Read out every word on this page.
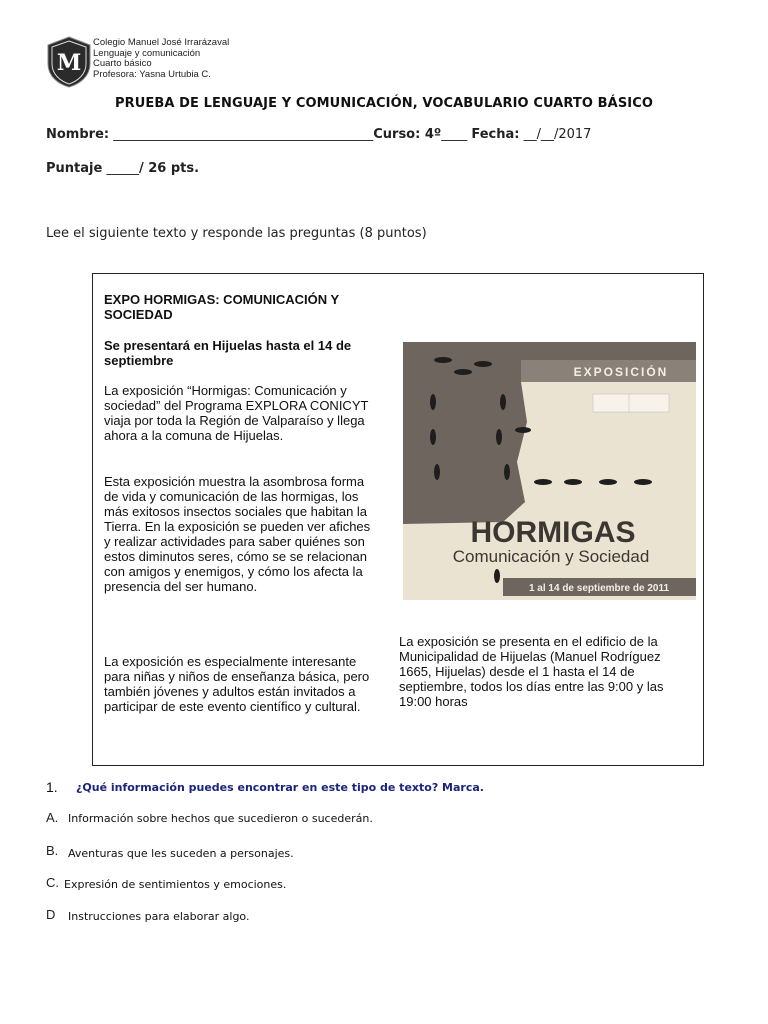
M
Colegio Manuel José Irrarázaval
Lenguaje y comunicación
Cuarto básico
Profesora: Yasna Urtubia C.
PRUEBA DE LENGUAJE Y COMUNICACIÓN, VOCABULARIO CUARTO BÁSICO
Nombre: ________________________________________Curso: 4º____ Fecha: __/__/2017
Puntaje _____/ 26 pts.
Lee el siguiente texto y responde las preguntas (8 puntos)
EXPO HORMIGAS: COMUNICACIÓN Y SOCIEDAD
Se presentará en Hijuelas hasta el 14 de septiembre
La exposición “Hormigas: Comunicación y sociedad” del Programa EXPLORA CONICYT viaja por toda la Región de Valparaíso y llega ahora a la comuna de Hijuelas.
Esta exposición muestra la asombrosa forma de vida y comunicación de las hormigas, los más exitosos insectos sociales que habitan la Tierra. En la exposición se pueden ver afiches y realizar actividades para saber quiénes son estos diminutos seres, cómo se se relacionan con amigos y enemigos, y cómo los afecta la presencia del ser humano.
La exposición es especialmente interesante para niñas y niños de enseñanza básica, pero también jóvenes y adultos están invitados a participar de este evento científico y cultural.
La exposición se presenta en el edificio de la Municipalidad de Hijuelas (Manuel Rodríguez 1665, Hijuelas) desde el 1 hasta el 14 de septiembre, todos los días entre las 9:00 y las 19:00 horas
EXPOSICIÓN
HORMIGAS
Comunicación y Sociedad
1 al 14 de septiembre de 2011
1. ¿Qué información puedes encontrar en este tipo de texto? Marca.
A. Información sobre hechos que sucedieron o sucederán.
B. Aventuras que les suceden a personajes.
C. Expresión de sentimientos y emociones.
D Instrucciones para elaborar algo.
